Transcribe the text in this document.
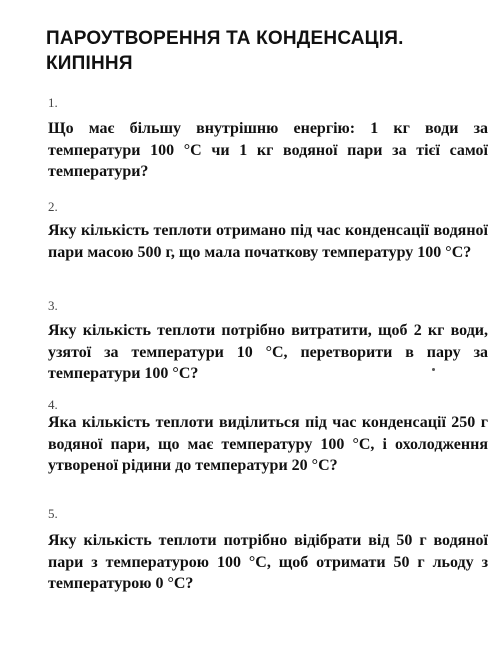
ПАРОУТВОРЕННЯ ТА КОНДЕНСАЦІЯ. КИПІННЯ
1.

Що має більшу внутрішню енергію: 1 кг води за температури 100 °C чи 1 кг водяної пари за тієї самої температури?

2.

Яку кількість теплоти отримано під час конденсації водяної пари масою 500 г, що мала початкову температуру 100 °C?

3.

Яку кількість теплоти потрібно витратити, щоб 2 кг води, узятої за температури 10 °C, перетворити в пару за температури 100 °C?

4.

Яка кількість теплоти виділиться під час конденсації 250 г водяної пари, що має температуру 100 °C, і охолодження утвореної рідини до температури 20 °C?

5.

Яку кількість теплоти потрібно відібрати від 50 г водяної пари з температурою 100 °C, щоб отримати 50 г льоду з температурою 0 °C?
